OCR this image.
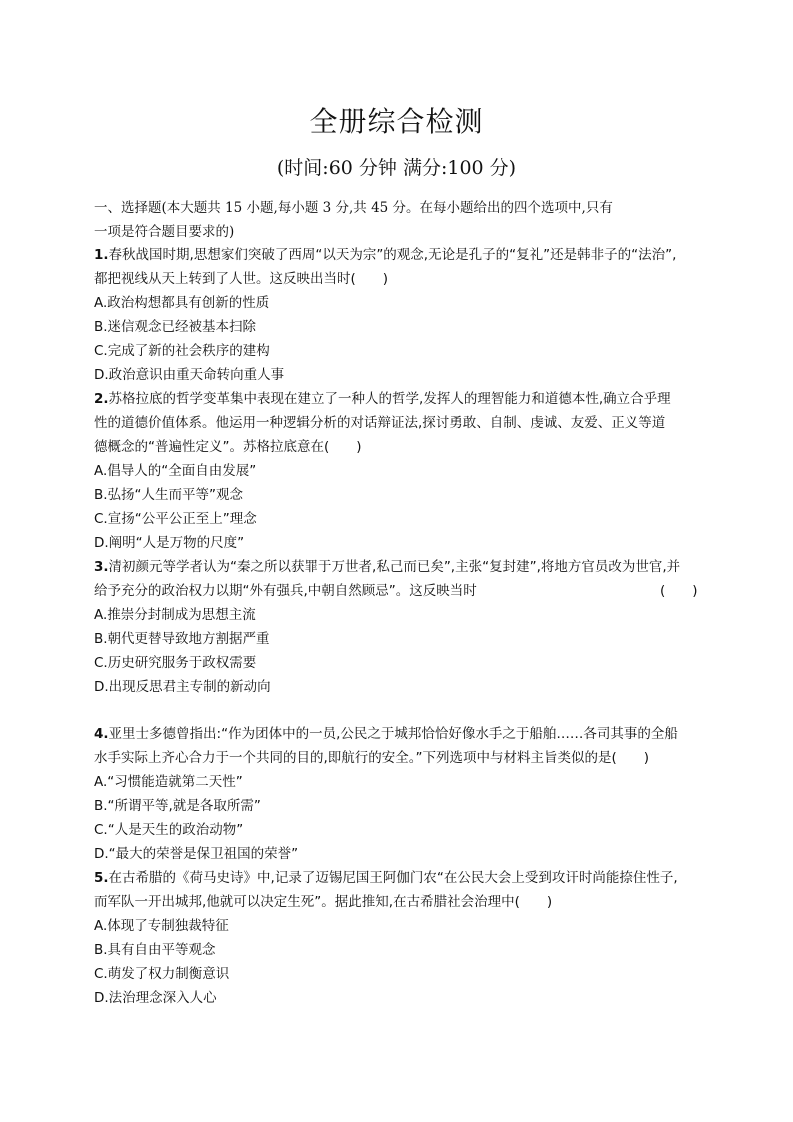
全册综合检测
(时间:60 分钟 满分:100 分)
一、选择题(本大题共 15 小题,每小题 3 分,共 45 分。在每小题给出的四个选项中,只有
一项是符合题目要求的)
1.春秋战国时期,思想家们突破了西周“以天为宗”的观念,无论是孔子的“复礼”还是韩非子的“法治”,
都把视线从天上转到了人世。这反映出当时(　　)
A.政治构想都具有创新的性质
B.迷信观念已经被基本扫除
C.完成了新的社会秩序的建构
D.政治意识由重天命转向重人事
2.苏格拉底的哲学变革集中表现在建立了一种人的哲学,发挥人的理智能力和道德本性,确立合乎理
性的道德价值体系。他运用一种逻辑分析的对话辩证法,探讨勇敢、自制、虔诚、友爱、正义等道
德概念的“普遍性定义”。苏格拉底意在(　　)
A.倡导人的“全面自由发展”
B.弘扬“人生而平等”观念
C.宣扬“公平公正至上”理念
D.阐明“人是万物的尺度”
3.清初颜元等学者认为“秦之所以获罪于万世者,私己而已矣”,主张“复封建”,将地方官员改为世官,并
给予充分的政治权力以期“外有强兵,中朝自然顾忌”。这反映当时	(　　)
A.推崇分封制成为思想主流
B.朝代更替导致地方割据严重
C.历史研究服务于政权需要
D.出现反思君主专制的新动向
4.亚里士多德曾指出:“作为团体中的一员,公民之于城邦恰恰好像水手之于船舶……各司其事的全船
水手实际上齐心合力于一个共同的目的,即航行的安全。”下列选项中与材料主旨类似的是(　　)
A.“习惯能造就第二天性”
B.“所谓平等,就是各取所需”
C.“人是天生的政治动物”
D.“最大的荣誉是保卫祖国的荣誉”
5.在古希腊的《荷马史诗》中,记录了迈锡尼国王阿伽门农“在公民大会上受到攻讦时尚能捺住性子,
而军队一开出城邦,他就可以决定生死”。据此推知,在古希腊社会治理中(　　)
A.体现了专制独裁特征
B.具有自由平等观念
C.萌发了权力制衡意识
D.法治理念深入人心
